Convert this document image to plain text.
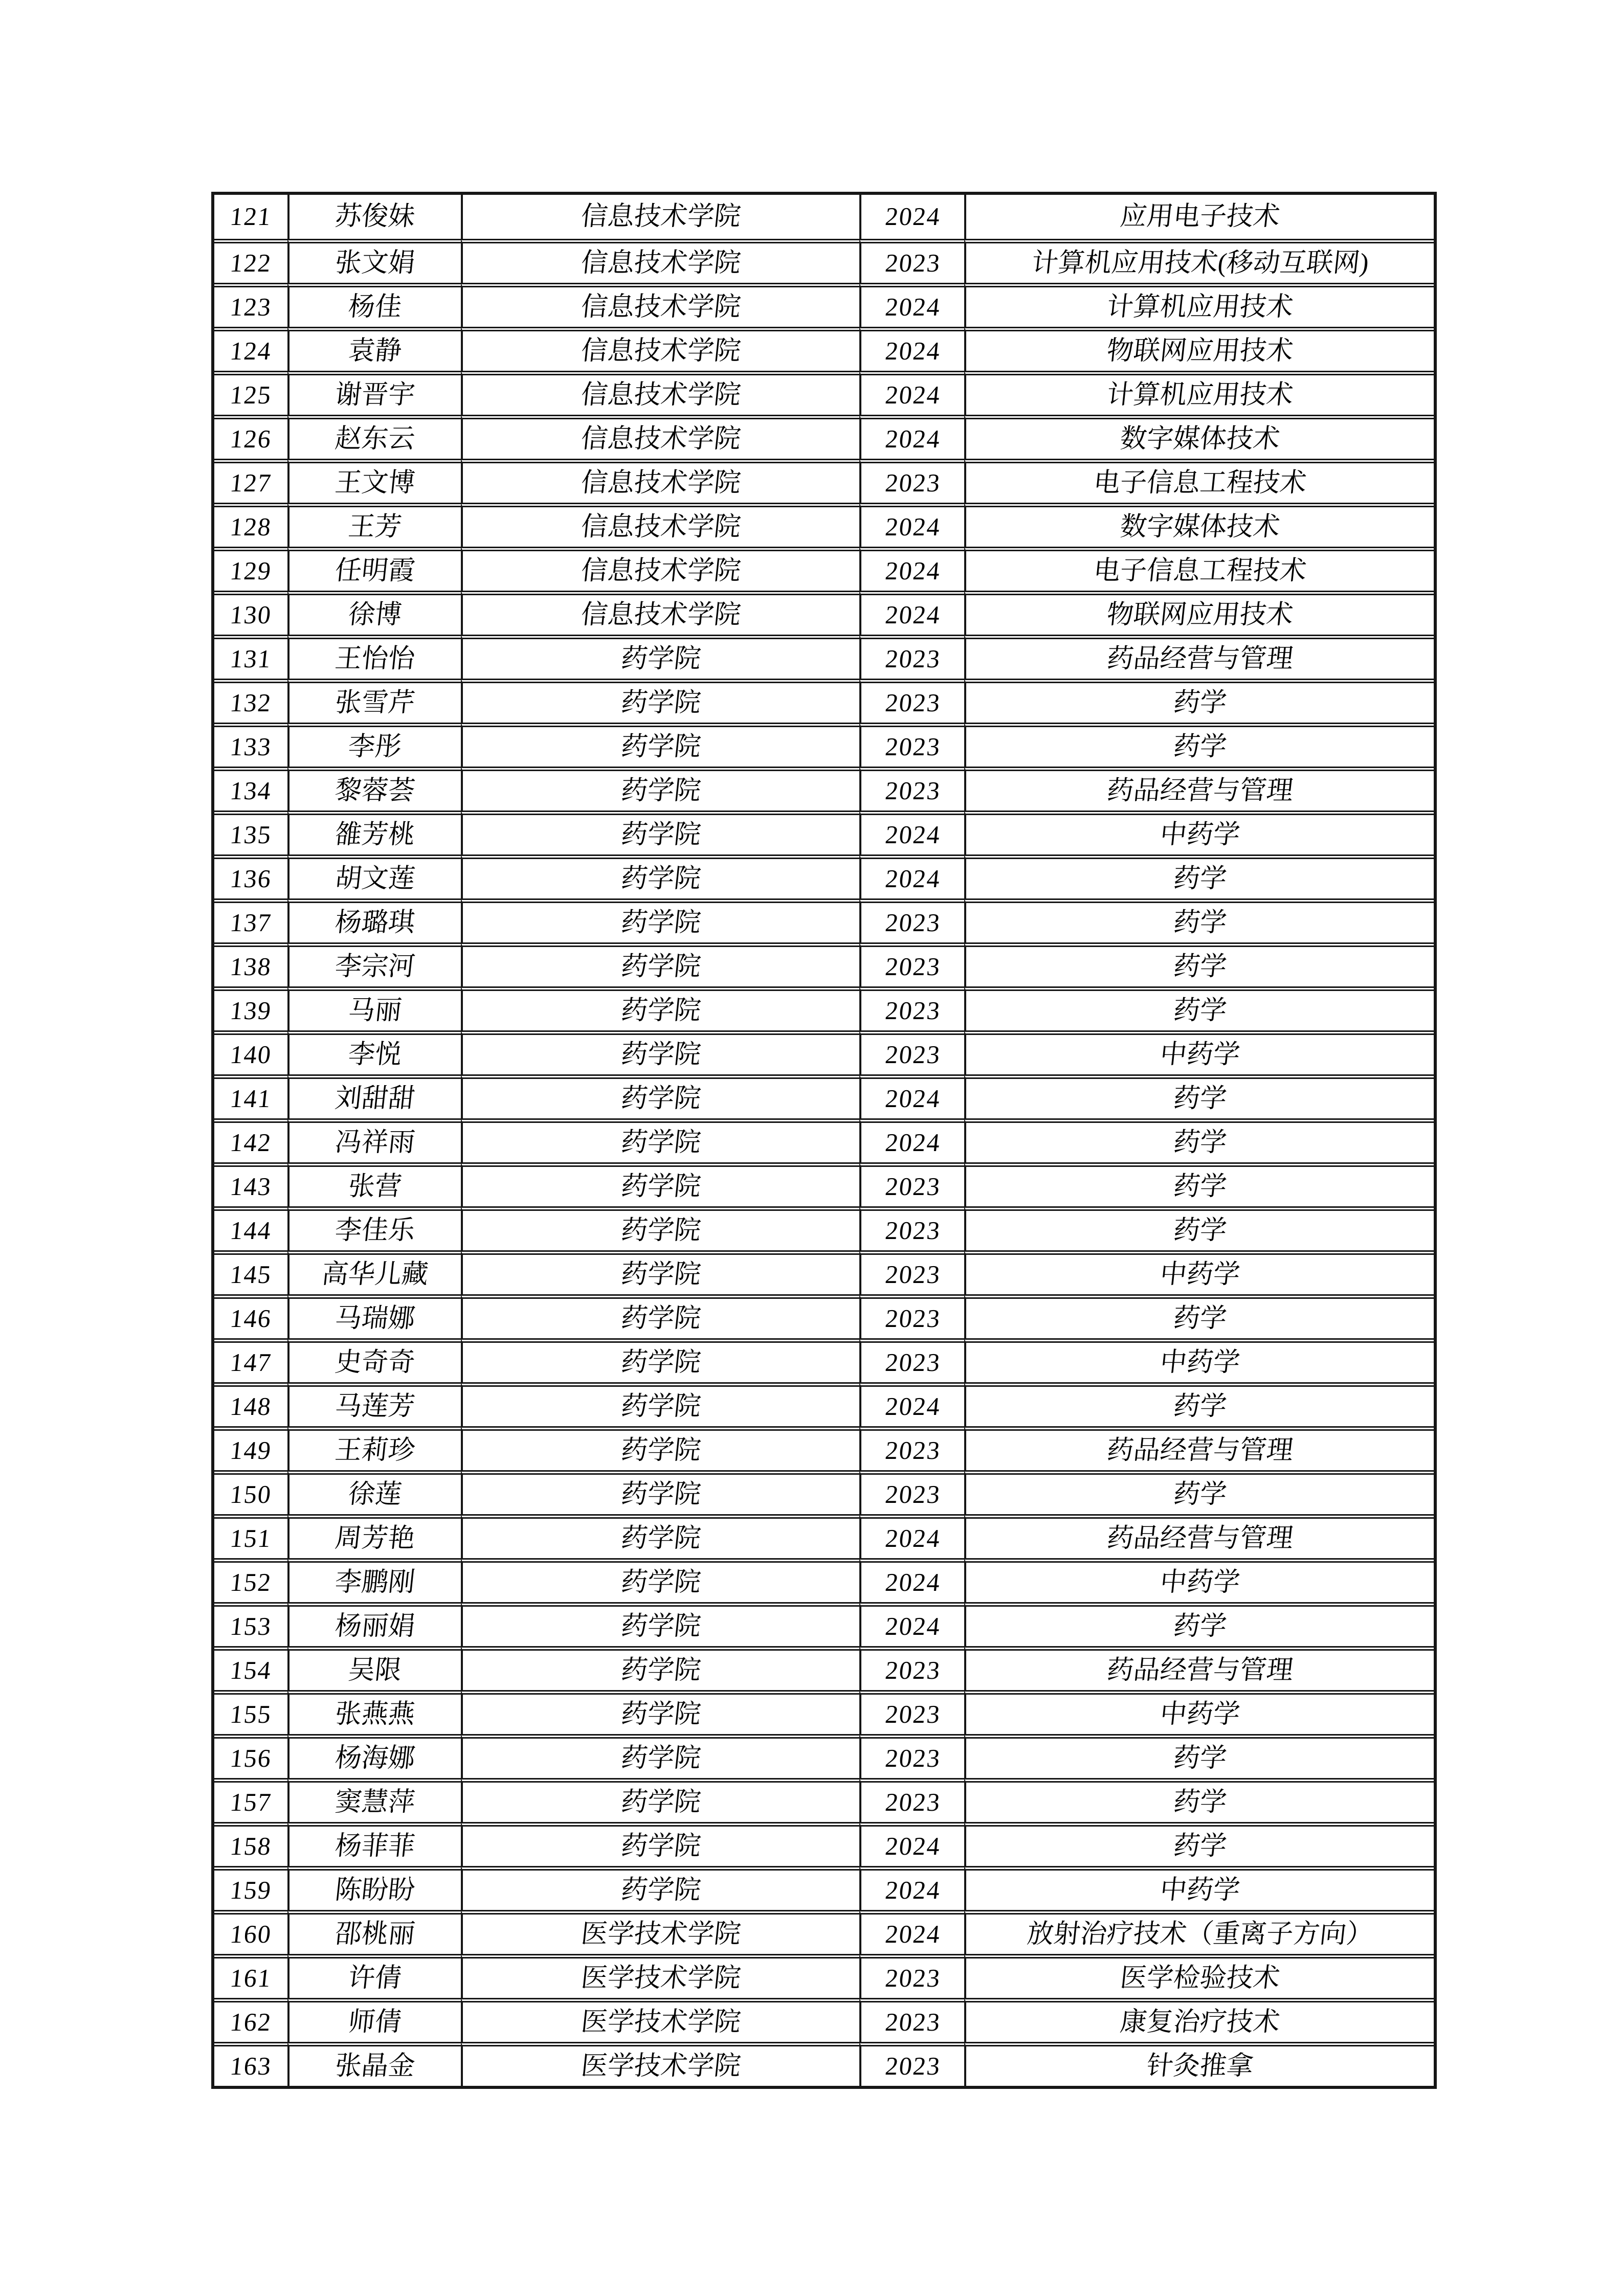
121	苏俊妹	信息技术学院	2024	应用电子技术
122	张文娟	信息技术学院	2023	计算机应用技术(移动互联网)
123	杨佳	信息技术学院	2024	计算机应用技术
124	袁静	信息技术学院	2024	物联网应用技术
125	谢晋宇	信息技术学院	2024	计算机应用技术
126	赵东云	信息技术学院	2024	数字媒体技术
127	王文博	信息技术学院	2023	电子信息工程技术
128	王芳	信息技术学院	2024	数字媒体技术
129	任明霞	信息技术学院	2024	电子信息工程技术
130	徐博	信息技术学院	2024	物联网应用技术
131	王怡怡	药学院	2023	药品经营与管理
132	张雪芹	药学院	2023	药学
133	李彤	药学院	2023	药学
134	黎蓉荟	药学院	2023	药品经营与管理
135	雒芳桃	药学院	2024	中药学
136	胡文莲	药学院	2024	药学
137	杨璐琪	药学院	2023	药学
138	李宗河	药学院	2023	药学
139	马丽	药学院	2023	药学
140	李悦	药学院	2023	中药学
141	刘甜甜	药学院	2024	药学
142	冯祥雨	药学院	2024	药学
143	张营	药学院	2023	药学
144	李佳乐	药学院	2023	药学
145	高华儿藏	药学院	2023	中药学
146	马瑞娜	药学院	2023	药学
147	史奇奇	药学院	2023	中药学
148	马莲芳	药学院	2024	药学
149	王莉珍	药学院	2023	药品经营与管理
150	徐莲	药学院	2023	药学
151	周芳艳	药学院	2024	药品经营与管理
152	李鹏刚	药学院	2024	中药学
153	杨丽娟	药学院	2024	药学
154	吴限	药学院	2023	药品经营与管理
155	张燕燕	药学院	2023	中药学
156	杨海娜	药学院	2023	药学
157	窦慧萍	药学院	2023	药学
158	杨菲菲	药学院	2024	药学
159	陈盼盼	药学院	2024	中药学
160	邵桃丽	医学技术学院	2024	放射治疗技术（重离子方向）
161	许倩	医学技术学院	2023	医学检验技术
162	师倩	医学技术学院	2023	康复治疗技术
163	张晶金	医学技术学院	2023	针灸推拿
